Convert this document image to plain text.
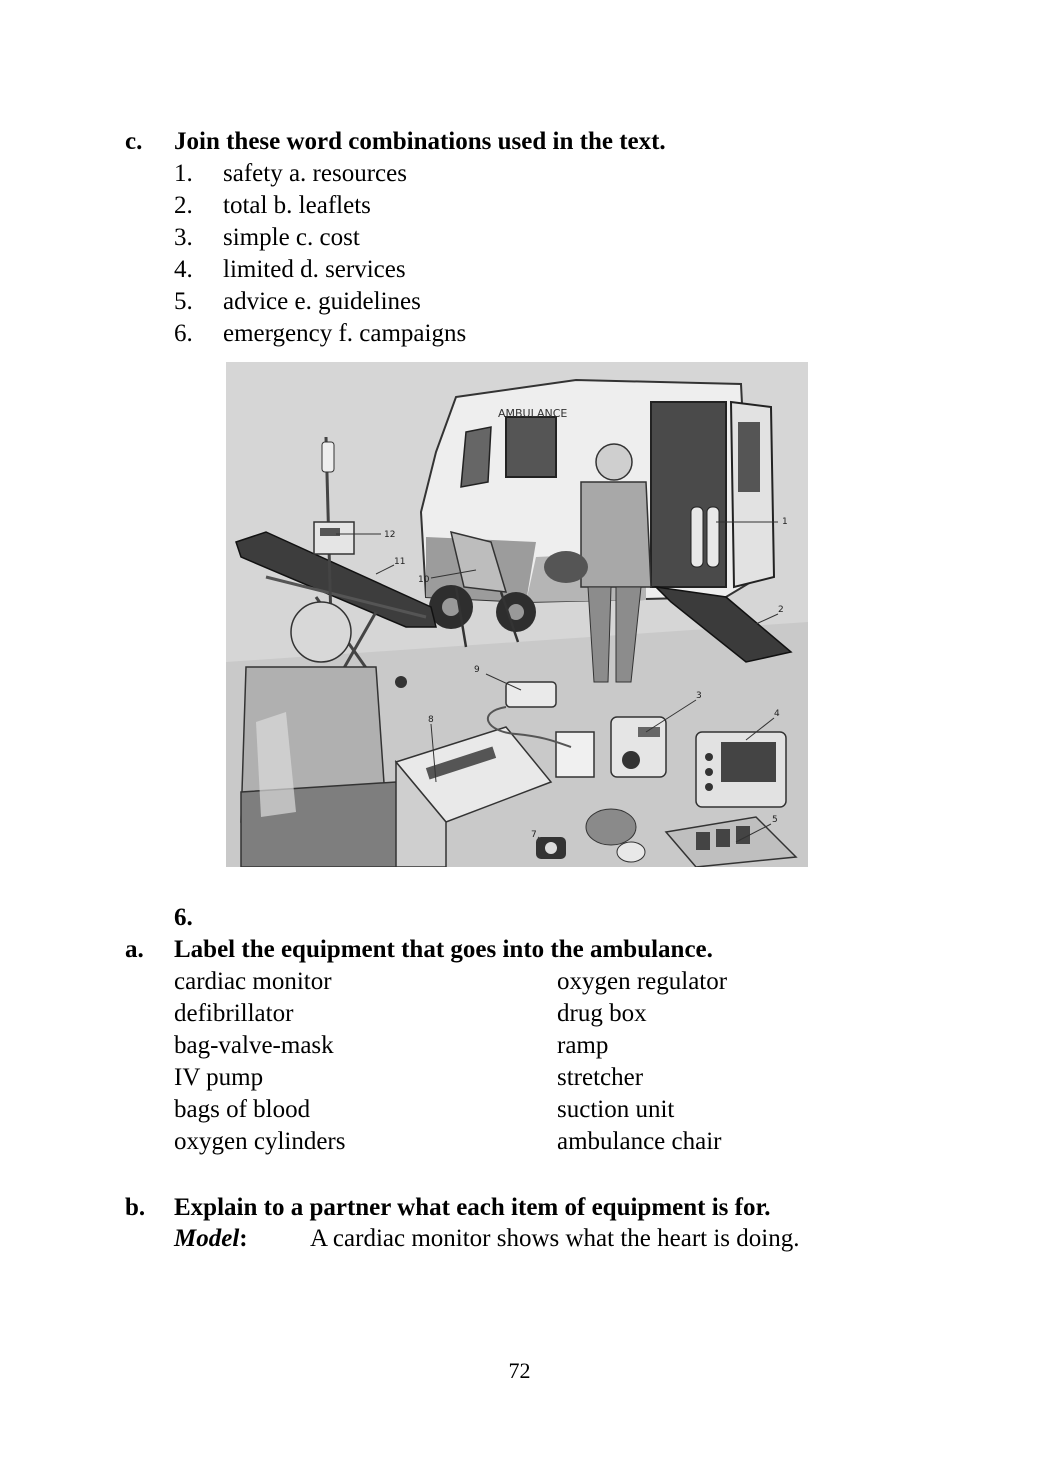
c. Join these word combinations used in the text.
1.	safety a. resources
2.	total b. leaflets
3.	simple c. cost
4.	limited d. services
5.	advice e. guidelines
6.	emergency f. campaigns
AMBULANCE
1
2
3
4
5
7
8
9
10
11
12
6.
a. Label the equipment that goes into the ambulance.
cardiac monitor	oxygen regulator
defibrillator	drug box
bag-valve-mask	ramp
IV pump	stretcher
bags of blood	suction unit
oxygen cylinders	ambulance chair
b. Explain to a partner what each item of equipment is for.
Model: A cardiac monitor shows what the heart is doing.
72
